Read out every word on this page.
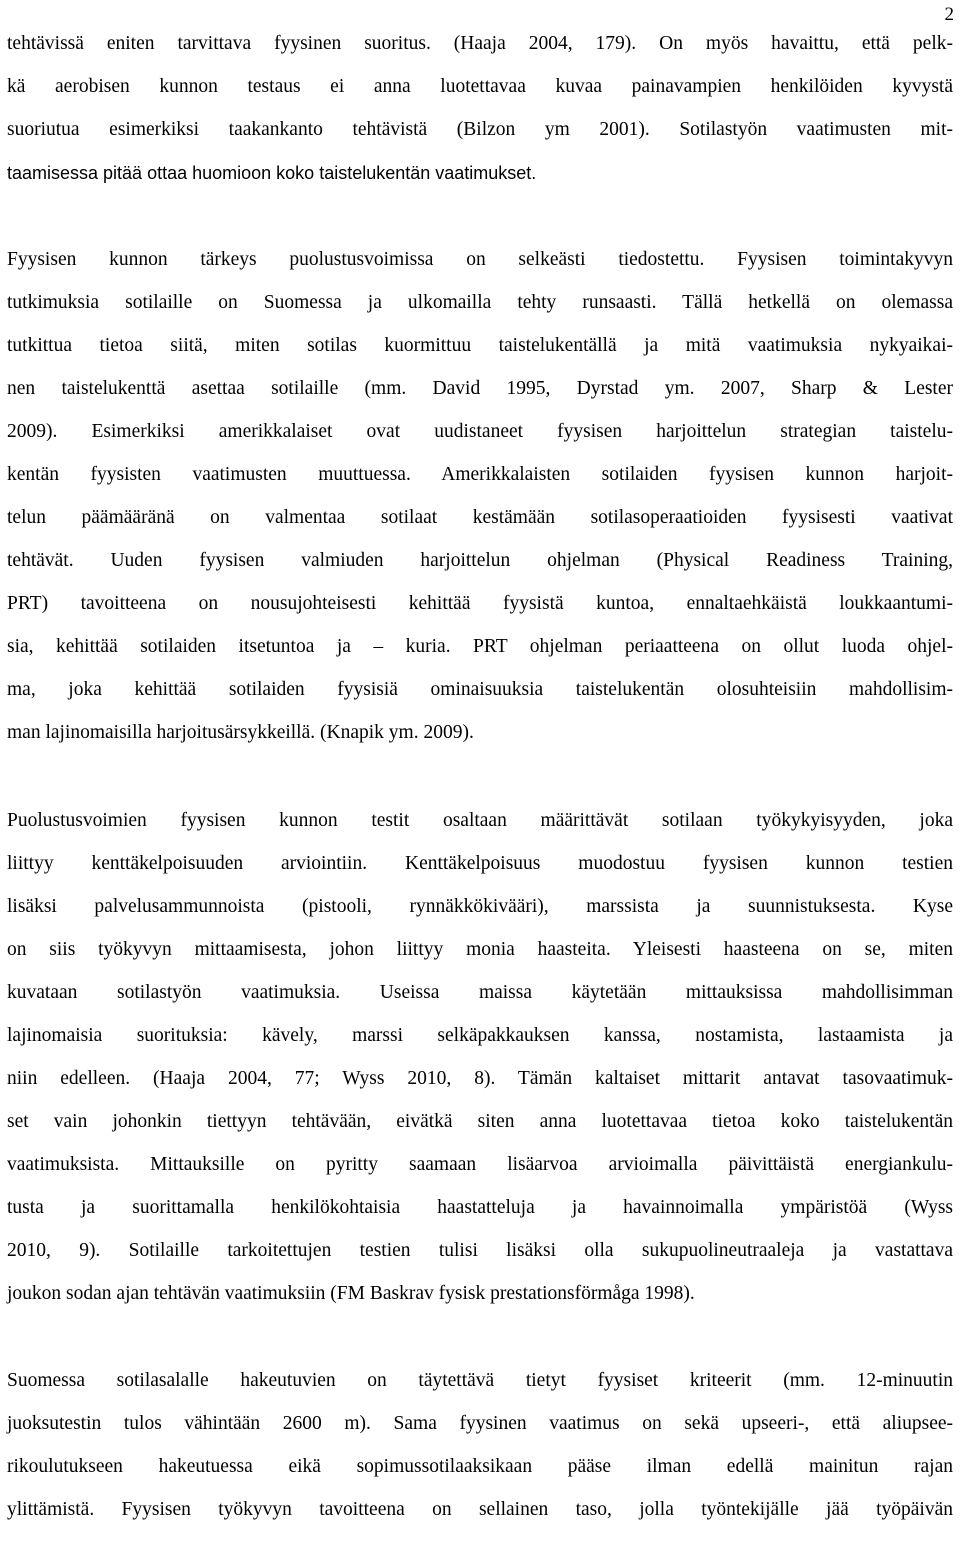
2
tehtävissä eniten tarvittava fyysinen suoritus. (Haaja 2004, 179). On myös havaittu, että pelk-
kä aerobisen kunnon testaus ei anna luotettavaa kuvaa painavampien henkilöiden kyvystä
suoriutua esimerkiksi taakankanto tehtävistä (Bilzon ym 2001). Sotilastyön vaatimusten mit-
taamisessa pitää ottaa huomioon koko taistelukentän vaatimukset.
Fyysisen kunnon tärkeys puolustusvoimissa on selkeästi tiedostettu. Fyysisen toimintakyvyn
tutkimuksia sotilaille on Suomessa ja ulkomailla tehty runsaasti. Tällä hetkellä on olemassa
tutkittua tietoa siitä, miten sotilas kuormittuu taistelukentällä ja mitä vaatimuksia nykyaikai-
nen taistelukenttä asettaa sotilaille (mm. David 1995, Dyrstad ym. 2007, Sharp & Lester
2009). Esimerkiksi amerikkalaiset ovat uudistaneet fyysisen harjoittelun strategian taistelu-
kentän fyysisten vaatimusten muuttuessa. Amerikkalaisten sotilaiden fyysisen kunnon harjoit-
telun päämääränä on valmentaa sotilaat kestämään sotilasoperaatioiden fyysisesti vaativat
tehtävät. Uuden fyysisen valmiuden harjoittelun ohjelman (Physical Readiness Training,
PRT) tavoitteena on nousujohteisesti kehittää fyysistä kuntoa, ennaltaehkäistä loukkaantumi-
sia, kehittää sotilaiden itsetuntoa ja – kuria. PRT ohjelman periaatteena on ollut luoda ohjel-
ma, joka kehittää sotilaiden fyysisiä ominaisuuksia taistelukentän olosuhteisiin mahdollisim-
man lajinomaisilla harjoitusärsykkeillä. (Knapik ym. 2009).
Puolustusvoimien fyysisen kunnon testit osaltaan määrittävät sotilaan työkykyisyyden, joka
liittyy kenttäkelpoisuuden arviointiin. Kenttäkelpoisuus muodostuu fyysisen kunnon testien
lisäksi palvelusammunnoista (pistooli, rynnäkkökivääri), marssista ja suunnistuksesta. Kyse
on siis työkyvyn mittaamisesta, johon liittyy monia haasteita. Yleisesti haasteena on se, miten
kuvataan sotilastyön vaatimuksia. Useissa maissa käytetään mittauksissa mahdollisimman
lajinomaisia suorituksia: kävely, marssi selkäpakkauksen kanssa, nostamista, lastaamista ja
niin edelleen. (Haaja 2004, 77; Wyss 2010, 8). Tämän kaltaiset mittarit antavat tasovaatimuk-
set vain johonkin tiettyyn tehtävään, eivätkä siten anna luotettavaa tietoa koko taistelukentän
vaatimuksista. Mittauksille on pyritty saamaan lisäarvoa arvioimalla päivittäistä energiankulu-
tusta ja suorittamalla henkilökohtaisia haastatteluja ja havainnoimalla ympäristöä (Wyss
2010, 9). Sotilaille tarkoitettujen testien tulisi lisäksi olla sukupuolineutraaleja ja vastattava
joukon sodan ajan tehtävän vaatimuksiin (FM Baskrav fysisk prestationsförmåga 1998).
Suomessa sotilasalalle hakeutuvien on täytettävä tietyt fyysiset kriteerit (mm. 12-minuutin
juoksutestin tulos vähintään 2600 m). Sama fyysinen vaatimus on sekä upseeri-, että aliupsee-
rikoulutukseen hakeutuessa eikä sopimussotilaaksikaan pääse ilman edellä mainitun rajan
ylittämistä. Fyysisen työkyvyn tavoitteena on sellainen taso, jolla työntekijälle jää työpäivän
